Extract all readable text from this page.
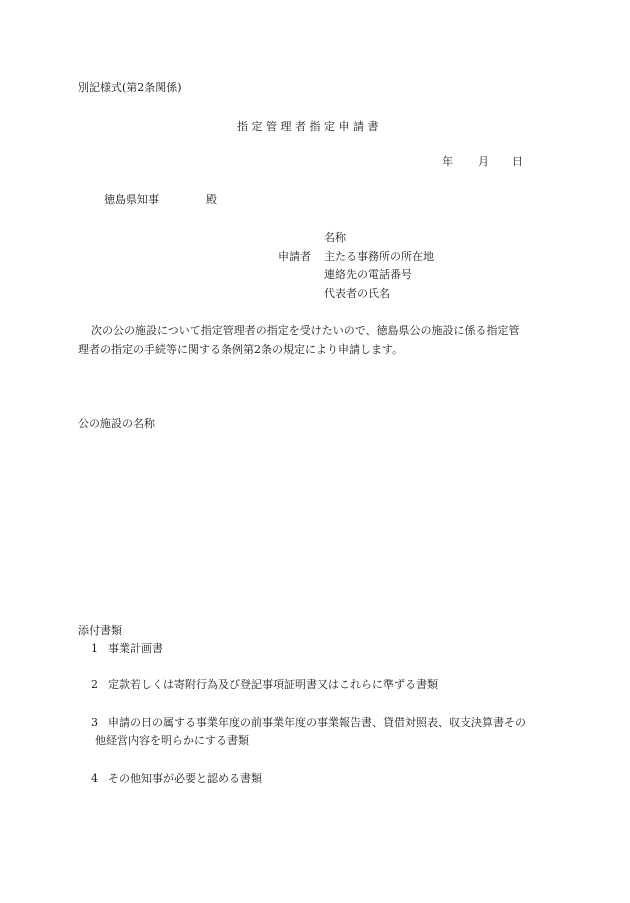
別記様式(第2条関係)
指定管理者指定申請書
年 月 日
徳島県知事	殿
申請者
名称
主たる事務所の所在地
連絡先の電話番号
代表者の氏名
次の公の施設について指定管理者の指定を受けたいので、徳島県公の施設に係る指定管
理者の指定の手続等に関する条例第2条の規定により申請します。
公の施設の名称
添付書類
1 事業計画書
2 定款若しくは寄附行為及び登記事項証明書又はこれらに準ずる書類
3 申請の日の属する事業年度の前事業年度の事業報告書、貸借対照表、収支決算書その
他経営内容を明らかにする書類
4 その他知事が必要と認める書類
